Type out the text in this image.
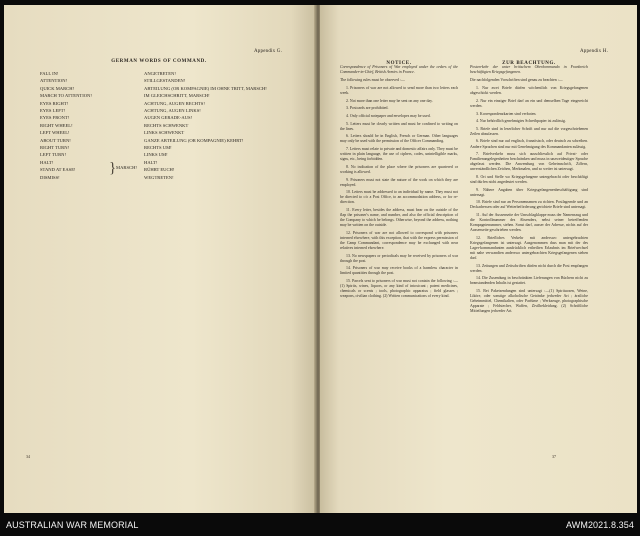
Appendix G.
GERMAN WORDS OF COMMAND.
FALL IN!	ANGETRETEN!
ATTENTION!	STILLGESTANDEN!
QUICK MARCH!	ABTEILUNG (OR KOMPAGNIE) IM OHNE TRITT, MARSCH!
MARCH TO ATTENTION!	IM GLEICHSCHRITT, MARSCH!
EYES RIGHT!	ACHTUNG, AUGEN RECHTS!
EYES LEFT!	ACHTUNG, AUGEN LINKS!
EYES FRONT!	AUGEN GERADE-AUS!
RIGHT WHEEL!	RECHTS SCHWENKT
LEFT WHEEL!	LINKS SCHWENKT
ABOUT TURN!	GANZE ABTEILUNG (OR KOMPAGNIE) KEHRT!
RIGHT TURN!	RECHTS UM!
LEFT TURN!	LINKS UM!
HALT!	HALT!
STAND AT EASE!	RÜHRT EUCH!
DISMISS!	WEGTRETEN!
} MARSCH!
34
Appendix H.
NOTICE.	ZUR BEACHTUNG.
Correspondence of Prisoners of War employed under the orders of the Commander-in-Chief, British Armies in France.
The following rules must be observed :—

1. Prisoners of war are not allowed to send more than two letters each week.

2. Not more than one letter may be sent on any one day.

3. Postcards are prohibited.

4. Only official notepaper and envelopes may be used.

5. Letters must be clearly written and must be confined to writing on the lines.

6. Letters should be in English, French or German. Other languages may only be used with the permission of the Officer Commanding.

7. Letters must relate to private and domestic affairs only. They must be written in plain language, the use of ciphers, codes, unintelligible marks, signs, etc., being forbidden.

8. No indication of the place where the prisoners are quartered or working is allowed.

9. Prisoners must not state the nature of the work on which they are employed.

10. Letters must be addressed to an individual by name. They must not be directed to c/o a Post Office, to an accommodation address, or for re-direction.

11. Every letter, besides the address, must bear on the outside of the flap the prisoner's name, and number, and also the official description of the Company to which he belongs. Otherwise, beyond the address, nothing may be written on the outside.

12. Prisoners of war are not allowed to correspond with prisoners interned elsewhere, with this exception, that with the express permission of the Camp Commandant, correspondence may be exchanged with near relatives interned elsewhere.

13. No newspapers or periodicals may be received by prisoners of war through the post.

14. Prisoners of war may receive books of a harmless character in limited quantities through the post.

15. Parcels sent to prisoners of war must not contain the following :—(1) Spirits, wines, liquors, or any kind of intoxicant ; patent medicines, chemicals or scents ; tools, photographic apparatus ; field glasses ; weapons, civilian clothing. (2) Written communications of every kind.

Postverkehr der unter britischem Oberkommando in Frankreich beschäftigten Kriegsgefangenen.
Die nachfolgenden Vorschriften sind genau zu beachten :—

1. Nur zwei Briefe dürfen wöchentlich von Kriegsgefangenen abgeschickt werden.

2. Nur ein einziger Brief darf an ein und demselben Tage eingereicht werden.

3. Korrespondenzkarten sind verboten.

4. Nur behördlich genehmigtes Schreibpapier ist zulässig.

5. Briefe sind in leserlicher Schrift und nur auf die vorgeschriebenen Zeilen abzufassen.

6. Briefe sind nur auf englisch, französisch, oder deutsch zu schreiben. Andere Sprachen sind nur mit Genehmigung des Kommandanten zulässig.

7. Briefverkehr muss sich ausschliesslich auf Privat- oder Familienangelegenheiten beschränken und muss in unzweideutiger Sprache abgefasst werden. Die Anwendung von Geheimschrift, Ziffern, unverständlichen Zeichen, Merkmalen, und so weiter ist untersagt.

8. Ort und Stelle wo Kriegsgefangene untergebracht oder beschäftigt sind dürfen nicht angedeutet werden.

9. Nähere Angaben über Kriegsgefangenenbeschäftigung sind untersagt.

10. Briefe sind nur an Personennamen zu richten. Postlagernde und an Deckadressen oder auf Weiterbeförderung gerichtete Briefe sind untersagt.

11. Auf der Aussenseite der Umschlagklappe muss der Namenszug und die Kontrollnummer des Absenders, nebst seiner betreffenden Kompagnienummer, stehen. Sonst darf, ausser der Adresse, nichts auf der Aussenseite geschrieben werden.

12. Briefliches Verkehr mit anderswo untergebrachten Kriegsgefangenen ist untersagt. Ausgenommen dass man mit der des Lager-kommandanten ausdrücklich ertheilten Erlaubnis im Briefwechsel mit nahe verwandten anderswo untergebrachten Kriegsgefangenen stehen darf.

13. Zeitungen und Zeitschriften dürfen nicht durch die Post empfangen werden.

14. Die Zusendung in beschränkten Lieferungen von Büchern nicht zu beanstandenden Inhalts ist gestattet.

15. Bei Paketsendungen sind untersagt :—(1) Spirituosen, Weine, Liköre, oder sonstige alkoholische Getränke jedweder Art ; ärztliche Geheimmittel, Chemikalien, oder Parfüme ; Werkzeuge, photographische Apparate ; Feldstecher, Waffen, Zivilbekleidung. (2) Schriftliche Mitteilungen jedweder Art.

37
AUSTRALIAN WAR MEMORIAL	AWM2021.8.354
